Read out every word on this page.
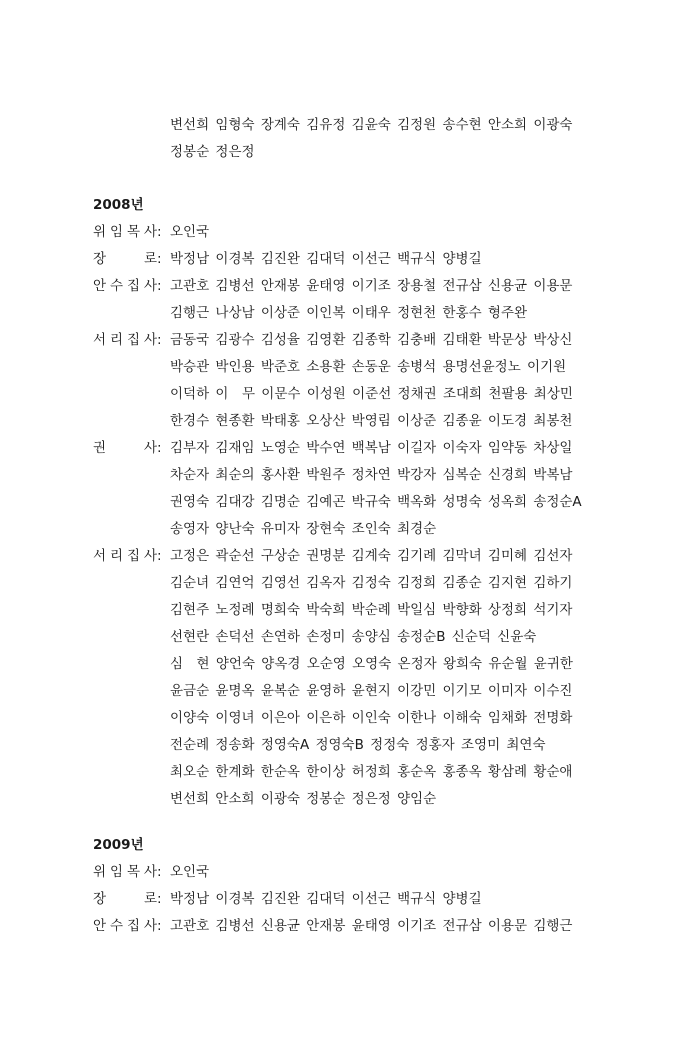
변선희 임형숙 장계숙 김유정 김윤숙 김정원 송수현 안소희 이광숙
정봉순 정은정
2008년
위 임 목 사 : 오인국
장	로 : 박정남 이경복 김진완 김대덕 이선근 백규식 양병길
안 수 집 사 : 고관호 김병선 안재봉 윤태영 이기조 장용철 전규삼 신용균 이용문
김행근 나상남 이상준 이인복 이태우 정현천 한홍수 형주완
서 리 집 사 : 금동국 김광수 김성율 김영환 김종학 김충배 김태환 박문상 박상신
박승관 박인용 박준호 소용환 손동운 송병석 용명선윤정노 이기원
이덕하 이　무 이문수 이성원 이준선 정채권 조대희 천팔용 최상민
한경수 현종환 박태홍 오상산 박영림 이상준 김종윤 이도경 최봉천
권	사 : 김부자 김재임 노영순 박수연 백복남 이길자 이숙자 임약동 차상일
차순자 최순의 홍사환 박원주 정차연 박강자 심복순 신경희 박복남
권영숙 김대강 김명순 김예곤 박규숙 백옥화 성명숙 성옥희 송정순A
송영자 양난숙 유미자 장현숙 조인숙 최경순
서 리 집 사 : 고정은 곽순선 구상순 권명분 김계숙 김기례 김막녀 김미혜 김선자
김순녀 김연억 김영선 김옥자 김정숙 김정희 김종순 김지현 김하기
김현주 노정례 명희숙 박숙희 박순례 박일심 박향화 상정희 석기자
선현란 손덕선 손연하 손정미 송양심 송정순B 신순덕 신윤숙
심　현 양언숙 양옥경 오순영 오영숙 온정자 왕희숙 유순월 윤귀한
윤금순 윤명옥 윤복순 윤영하 윤현지 이강민 이기모 이미자 이수진
이양숙 이영녀 이은아 이은하 이인숙 이한나 이해숙 임채화 전명화
전순례 정송화 정영숙A 정영숙B 정정숙 정홍자 조영미 최연숙
최오순 한계화 한순옥 한이상 허정희 홍순옥 홍종옥 황삼례 황순애
변선희 안소희 이광숙 정봉순 정은정 양임순
2009년
위 임 목 사 : 오인국
장	로 : 박정남 이경복 김진완 김대덕 이선근 백규식 양병길
안 수 집 사 : 고관호 김병선 신용균 안재봉 윤태영 이기조 전규삼 이용문 김행근
